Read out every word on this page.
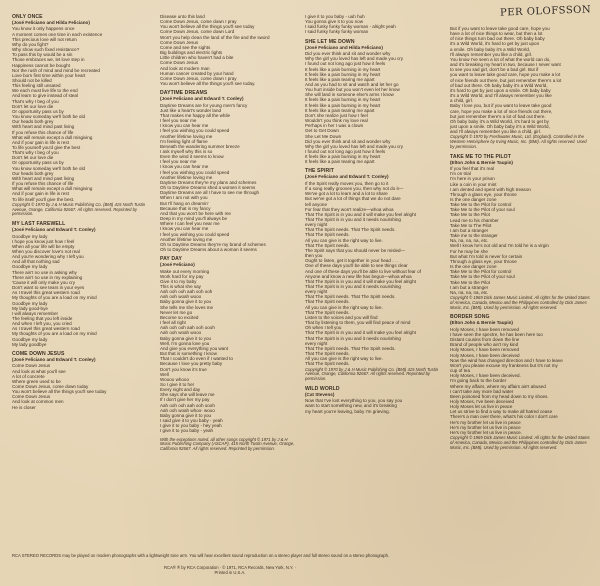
PER OLOFSSON
ONLY ONCE
(José Feliciano and Hilda Feliciano)
You know it only happens once
A moment comes one time in each existence
This precious love will not return
Why do you fight?
Why show such fixed resistance?
To pass this by would be a sin
Those embraces we, let love step in
Happiness cannot be bought
Nor the rush of mind and mind be recreated
Love born first time within your heart
Should not be killed
This feeling still unsated
We each must live life to the end
And learn to give instead of steal
That's why I beg of you
Don't let our love die
Or opportunity pass us by
You know someday we'll both be old
Our heads both grey
With heart and mind past living
If you refuse this chance of life
What will remain except a dull misgiving
And if your gain in life is rest
To life yourself you'd give the best
That's why I beg of you
Don't let our love die
Or opportunity pass us by
You know someday we'll both be old
Our heads both grey
With heart and mind past living
If you refuse this chance of life
What will remain except a dull misgiving
And if your gain in life is rest
To life itself you'll give the best.
Copyright © 1970 by J & H Music Publishing Co. (BMI) 415 North Tustin Avenue, Orange, California 92667. All rights reserved. Reprinted by permission.
MY LAST FAREWELL
(José Feliciano and Edward T. Conley)
Goodbye my lady
I hope you know just how I feel
When all your life will be empty
When you discover love's not real
And you're wondering why I left you
And all that nothing sad
Goodbye my lady
There ain't no use in asking why
There ain't no use in my explaining
'Cause it will only make you cry
Don't want to see tears in your eyes
As I travel this great western road
My thoughts of you are a load on my mind
Goodbye my lady
My lady good-bye
I will always remember
The feeling that you left inside
And when I left you, you cried
As I travel this great western road
My thoughts of you are a load on my mind
Goodbye my lady
My lady goodbye
COME DOWN JESUS
(José Feliciano and Edward T. Conley)
Come Down Jesus
And look at what you'll see
A lot of concrete
Where green used to be
Come Down Jesus, come down today
You won't believe all the things you'll see today
Come Down Jesus
And look at common men
He is closer
Disease unto this land
Come Down Jesus, come down I pray
You won't believe all the things you'll see today
Come Down Jesus, come down Lord
Won't you help clean the land of the fire and the sword
Come Down Jesus
Come and see the sights
Big buildings and electric lights
Little children who haven't had a bite
Come Down Jesus
And look at modern man
Human cancer created by your hand
Come Down Jesus, come down I pray
You won't believe all the things you'll see today.
DAYTIME DREAMS
(José Feliciano and Edward T. Conley)
Daytime Dreams are for young men's fancy
Just like a heart's wonder land
That makes me happy all the while
I feel you near me
I know you can hear me
I feel you wishing you could speed
Another lifetime loving me
I'm feeling light of flame
Beneath the wandering summer breeze
I ask myself why this is so
Even the wind it seems to know
I feel you near me
I know you can hear me
I feel you wishing you could speed
Another lifetime loving me
Daytime Dreams they're my plans and schemes
Oh to Daytime Dreams shed a women it seems
Daytime Dreams are all I have to see me through
When I am not with you
But I'll hang on dreamin'
Because that is my fancy
And that you won't be here with me
Deep in my mind you'll always be
Where I can feel you near me
I know you can hear me
I feel you wishing you could speed
Another lifetime loving me
Oh to Daytime Dreams they're my brand of schemes
Oh to Daytime Dreams about a woman it seems
PAY DAY
(José Feliciano)
Wake out every morning
Work hard for my pay
Give it to my baby
This is what she say
Aah ooh ooh aah ooh ooh
Aah ooh woah wooo
Baby gonna give it to you
She tells me she loves me
Never let me go
Become so excited
I feel all right
Aah ooh ooh aah ooh oooh
Aah ooh woah wooo
Baby gonna give it to you
Well, I'm gonna love you
And give you everything you want
But that is something I know
That I couldn't do even if I wanted to
Because I love you pretty baby
Don't you know it's true
Well
Woooo whooo
So I give it to her
Every night and day
She says she will leave me
If I don't give her my pay
Aah ooh ooh aah ooh oooh
Aah ooh woah whoo- wooo
Baby gonna give it to you
I said give it to you baby - yeah
I give it to you baby - hey yeah
I give it to you baby - yeah
With the exceptions noted, all other songs copyright © 1971 by J & H Music Publishing Company (ASCAP), 415 North Tustin Avenue, Orange, California 92667. All rights reserved. Reprinted by permission.
I give it to you baby - uuh huh
You gonna give it to you now
I said funky funky funky woman - alright yeah
I said funky funky funky woman
SHE LET ME DOWN
(José Feliciano and Hilda Feliciano)
Did you ever think and sit and wonder why
Why the girl you loved has left and made you cry
I found out not long ago just how it feels
It feels like a pain burning in my heart
It feels like a pain burning in my heart
It feels like a pain tearing me apart
And as you had to sit and watch and let her go
You hurt inside but you won't even let her know
She will land in someone else's arms I know
It feels like a pain burning in my heart
It feels like a pain burning in my heart
It feels like a pain tearing me apart
Don't she realize just how I feel
Wouldn't you think my love real
Perhaps in her I was a clown
Get to Get Down
She Let Me Down
Did you ever think and sit and wonder why
Why the girl you loved has left and made you cry
I found out not long ago just how it feels
It feels like a pain burning in my heart
It feels like a pain tearing me apart
THE SPIRIT
(José Feliciano and Edward T. Conley)
If the Spirit really moves you, then go to it
If a song really grooves you, then why not do it—
We've got a lot to learn and a lot to share
But we've got a lot of things that we do not dare
tell anyone
For fear that they won't realize—whoa whoa
That The Spirit is in you and it will make you feel alright
That The Spirit is in you and it needs nourishing
every night
That The Spirit needs. That The Spirit needs.
That The Spirit needs.
All you can give is the right way to live.
That The Spirit needs.
The Spirit says that you should never be misled—
then you
Ought to listen, get it together in your head . . .
One of these days you'll be able to see things clear
And one of these days you'll be able to live without fear of
Anyone and know a new life has begun—whoa whoa
That The Spirit is in you and it will make you feel alright
That The Spirit is in you and it needs nourishing
every night
That The Spirit needs. That The Spirit needs.
That The Spirit needs.
All you can give is the right way to live.
That The Spirit needs.
Listen to the voices and you will find
That by listening to them, you will find peace of mind
Oh when I tell you
That The Spirit is in you and it will make you feel alright
That The Spirit is in you and it needs nourishing
every night
That The Spirit needs. That The Spirit needs.
That The Spirit needs.
All you can give is the right way to live.
That The Spirit needs.
Copyright © 1970 by J & H Music Publishing Co. (BMI) 415 North Tustin Avenue, Orange, California 92667. All rights reserved. Reprinted by permission.
WILD WORLD
(Cat Stevens)
Now that I've lost everything to you, you say you
want to start something new, and it's breaking
my heart you're leaving, baby I'm grieving.
But if you want to leave take good care, hope you
have a lot of nice things to wear, but then a lot
of nice things turn bad out there. Oh baby baby
it's a Wild World, it's hard to get by just upon
a smile. Oh baby baby it's a Wild World,
I'll always remember you like a child, girl.
You know I've seen a lot of what the world can do,
and it's breaking my heart in two, because I never want
to see you sad girl, don't be a bad girl. But if
you want to leave take good care, hope you make a lot
of nice friends out there, but just remember there's a lot
of bad out there. Oh baby baby it's a Wild World,
it's hard to get by just upon a smile. Oh baby baby
it's a Wild World, and I'll always remember you like
a child, girl.
Baby I love you, but if you want to leave take good
care, hope you make a lot of nice friends out there,
but just remember there's a lot of bad out there.
Oh baby baby it's a Wild World, it's hard to get by
just upon a smile. Oh baby baby it's a Wild World,
and I'll always remember you like a child, girl.
Copyright © 1970 by Freshwater Music, Ltd. (England). Controlled in the Western Hemisphere by Irving Music, Inc. (BMI). All rights reserved. Used by permission.
TAKE ME TO THE PILOT
(Elton John & Bernie Taupin)
If you feel that it's real
I'm on trial
I'm here in your prison
Like a coin in your mint
I am dented and spent with high treason
Through a glass eye, your throne
Is the one danger zone
Take Me to the Pilot for control
Take Me to the Pilot of your soul
Take Me to the Pilot
Lead me to his chamber
Take Me to The Pilot
I am but a stranger
Take me to the stranger
Na, na, na, na, etc.
Well I know he's not old and I'm told he is a virgin
For he may be she
But what I'm told is never for certain
Through a glass eye, your throne
Is the one danger zone
Take Me to the Pilot for control
Take Me to the Pilot of your soul
Take Me to the Pilot
I am but a stranger
Na, na, na, na, etc.
Copyright © 1969 Dick James Music Limited. All rights for the United States of America, Canada, Mexico and the Philippines controlled by Dick James Music, Inc. (BMI). Used by permission. All rights reserved.
BORDER SONG
(Elton John & Bernie Taupin)
Holy Moses, I have been removed
I have seen the spectre, he has been here too
Distant cousins from down the line
Brand of people who ain't my kind
Holy Moses, I have been removed
Holy Moses, I have been deceived
Now the wind has changed direction and I have to leave
Won't you please excuse my frankness but it's not my
cup of tea
Holy Moses, I have been deceived.
I'm going back to the border
Where my affairs, where my affairs ain't abused
I can't take any more bad water
Been poisoned from my head down to my shoes.
Holy Moses, I've been deceived
Holy Moses let us live in peace
Let us strive to find a way to make all hatred cease
There's a man over there, what's his color I don't care
He's my brother let us live in peace
He's my brother let us live in peace
He's my brother let us live in peace.
Copyright © 1969 Dick James Music Limited. All rights for the United States of America, Canada, Mexico and the Philippines controlled by Dick James Music, Inc. (BMI). Used by permission. All rights reserved.
RCA STEREO RECORDS may be played on modern phonographs with a lightweight tone arm. You will hear excellent sound reproduction on a stereo player and full stereo sound on a stereo phonograph.
RCA® ® by RCA Corporation · © 1971, RCA Records, New York, N.Y. · Printed in U.S.A.
